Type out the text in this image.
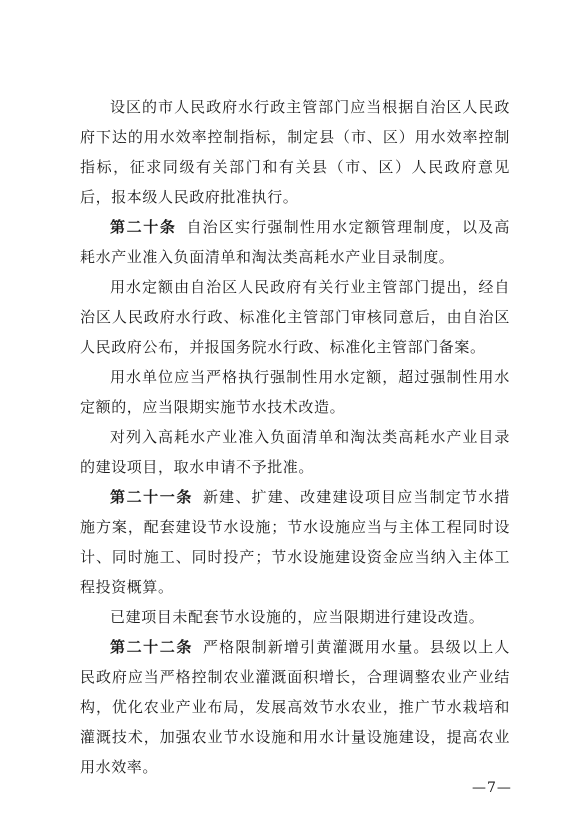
设区的市人民政府水行政主管部门应当根据自治区人民政府下达的用水效率控制指标，制定县（市、区）用水效率控制指标，征求同级有关部门和有关县（市、区）人民政府意见后，报本级人民政府批准执行。

第二十条 自治区实行强制性用水定额管理制度，以及高耗水产业准入负面清单和淘汰类高耗水产业目录制度。

用水定额由自治区人民政府有关行业主管部门提出，经自治区人民政府水行政、标准化主管部门审核同意后，由自治区人民政府公布，并报国务院水行政、标准化主管部门备案。

用水单位应当严格执行强制性用水定额，超过强制性用水定额的，应当限期实施节水技术改造。

对列入高耗水产业准入负面清单和淘汰类高耗水产业目录的建设项目，取水申请不予批准。

第二十一条 新建、扩建、改建建设项目应当制定节水措施方案，配套建设节水设施；节水设施应当与主体工程同时设计、同时施工、同时投产；节水设施建设资金应当纳入主体工程投资概算。

已建项目未配套节水设施的，应当限期进行建设改造。

第二十二条 严格限制新增引黄灌溉用水量。县级以上人民政府应当严格控制农业灌溉面积增长，合理调整农业产业结构，优化农业产业布局，发展高效节水农业，推广节水栽培和灌溉技术，加强农业节水设施和用水计量设施建设，提高农业用水效率。

—7—
